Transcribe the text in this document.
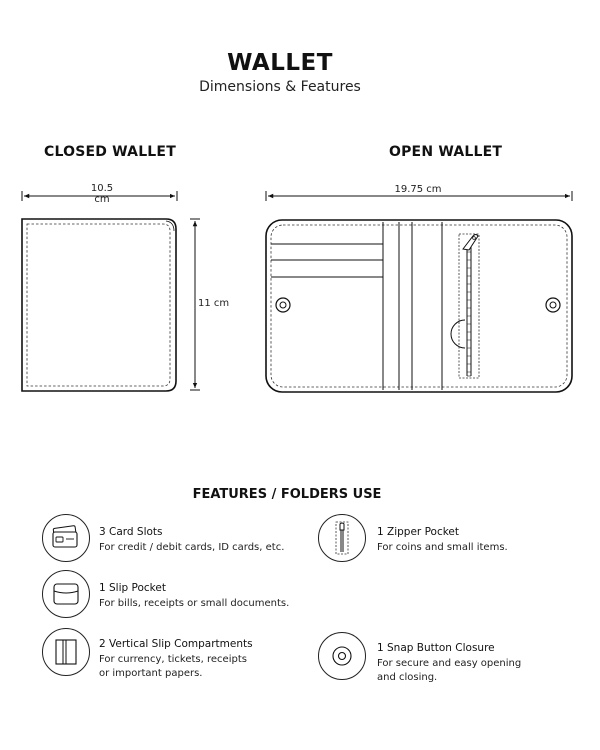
WALLET
Dimensions & Features
CLOSED WALLET	OPEN WALLET
10.5 cm
11 cm
19.75 cm
FEATURES / FOLDERS USE
3 Card Slots
For credit / debit cards, ID cards, etc.
1 Zipper Pocket
For coins and small items.
1 Slip Pocket
For bills, receipts or small documents.
2 Vertical Slip Compartments
For currency, tickets, receipts
or important papers.
1 Snap Button Closure
For secure and easy opening
and closing.
